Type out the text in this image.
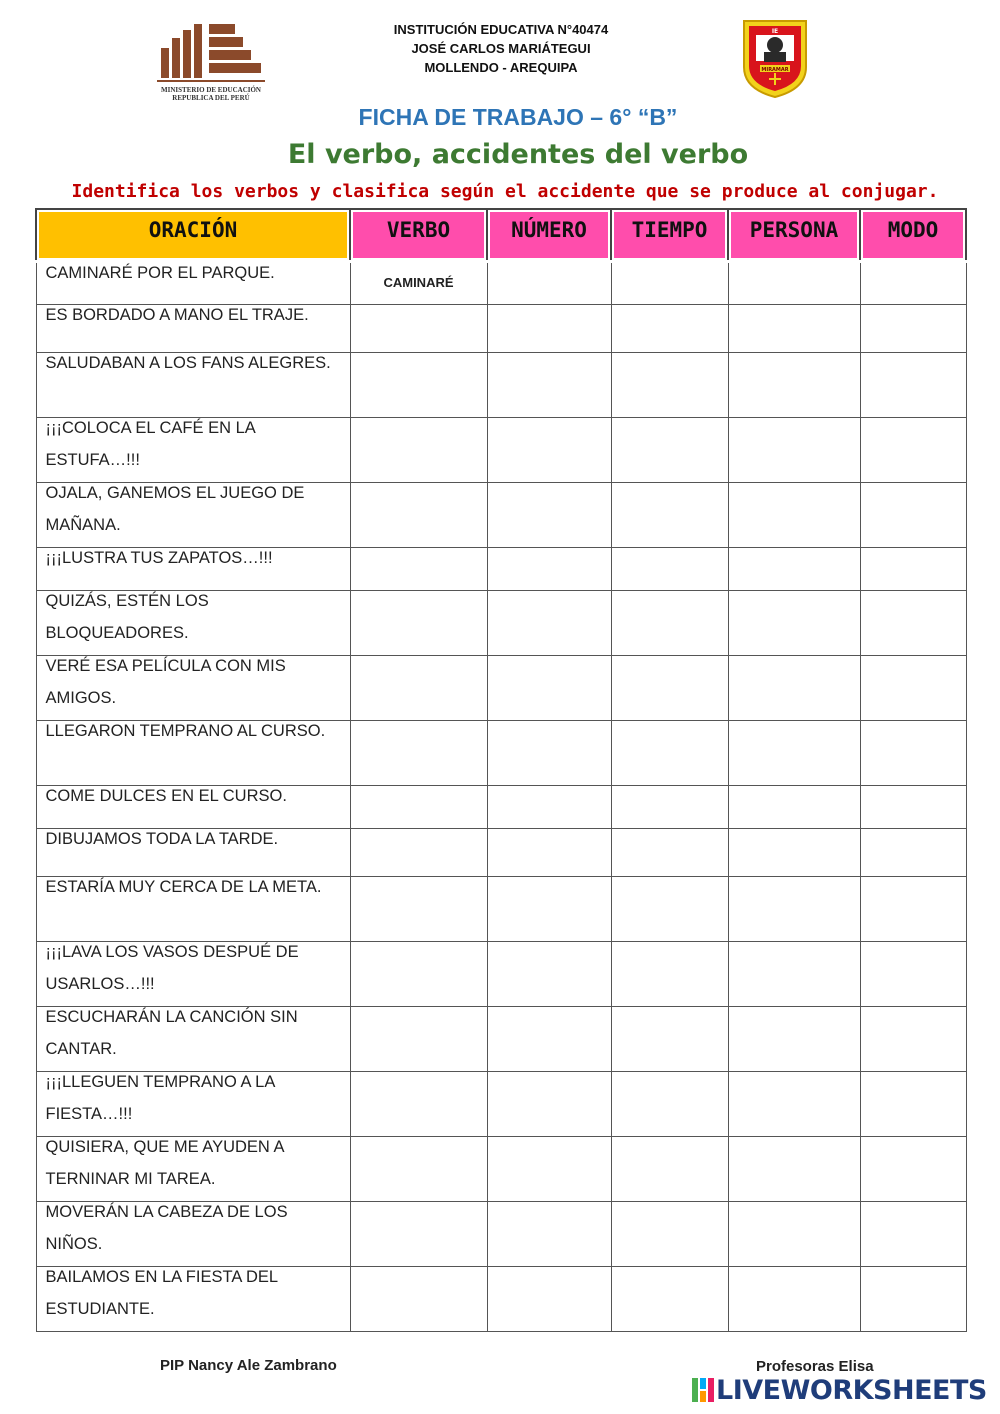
MINISTERIO DE EDUCACIÓN
REPUBLICA DEL PERÚ
INSTITUCIÓN EDUCATIVA N°40474
JOSÉ CARLOS MARIÁTEGUI
MOLLENDO - AREQUIPA
IE
MIRAMAR
FICHA DE TRABAJO – 6° “B”
El verbo, accidentes del verbo
Identifica los verbos y clasifica según el accidente que se produce al conjugar.
ORACIÓN	VERBO	NÚMERO	TIEMPO	PERSONA	MODO

CAMINARÉ POR EL PARQUE.	CAMINARÉ				

ES BORDADO A MANO EL TRAJE.					

SALUDABAN A LOS FANS ALEGRES.					

¡¡¡COLOCA EL CAFÉ EN LA ESTUFA…!!!					

OJALA, GANEMOS EL JUEGO DE MAÑANA.					

¡¡¡LUSTRA TUS ZAPATOS…!!!					

QUIZÁS, ESTÉN LOS BLOQUEADORES.					

VERÉ ESA PELÍCULA CON MIS AMIGOS.					

LLEGARON TEMPRANO AL CURSO.					

COME DULCES EN EL CURSO.					

DIBUJAMOS TODA LA TARDE.					

ESTARÍA MUY CERCA DE LA META.					

¡¡¡LAVA LOS VASOS DESPUÉ DE USARLOS…!!!					

ESCUCHARÁN LA CANCIÓN SIN CANTAR.					

¡¡¡LLEGUEN TEMPRANO A LA FIESTA…!!!					

QUISIERA, QUE ME AYUDEN A TERNINAR MI TAREA.					

MOVERÁN LA CABEZA DE LOS NIÑOS.					

BAILAMOS EN LA FIESTA DEL ESTUDIANTE.					

PIP Nancy Ale Zambrano	Profesoras Elisa
LIVEWORKSHEETS
